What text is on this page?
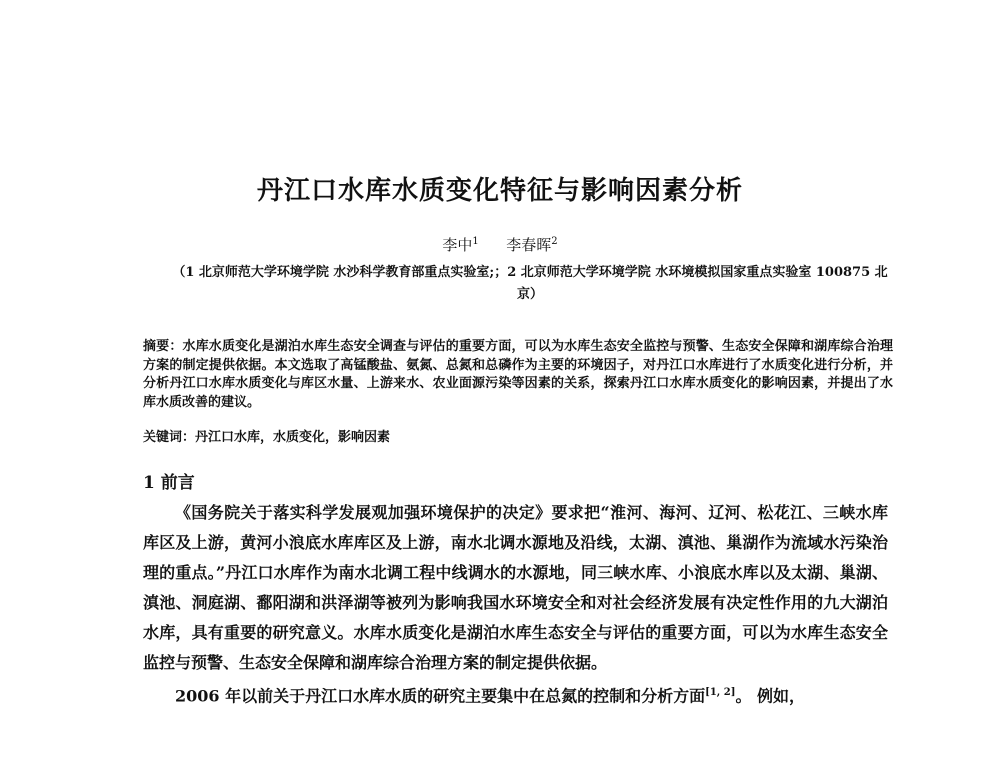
丹江口水库水质变化特征与影响因素分析
李中$^1$ 李春晖$^2$
（1 北京师范大学环境学院 水沙科学教育部重点实验室;；2 北京师范大学环境学院 水环境模拟国家重点实验室 100875 北京）
摘要：水库水质变化是湖泊水库生态安全调查与评估的重要方面，可以为水库生态安全监控与预警、生态安全保障和湖库综合治理方案的制定提供依据。本文选取了高锰酸盐、氨氮、总氮和总磷作为主要的环境因子，对丹江口水库进行了水质变化进行分析，并分析丹江口水库水质变化与库区水量、上游来水、农业面源污染等因素的关系，探索丹江口水库水质变化的影响因素，并提出了水库水质改善的建议。
关键词：丹江口水库，水质变化，影响因素
1 前言

《国务院关于落实科学发展观加强环境保护的决定》要求把“淮河、海河、辽河、松花江、三峡水库库区及上游，黄河小浪底水库库区及上游，南水北调水源地及沿线，太湖、滇池、巢湖作为流域水污染治理的重点。”丹江口水库作为南水北调工程中线调水的水源地，同三峡水库、小浪底水库以及太湖、巢湖、滇池、洞庭湖、鄱阳湖和洪泽湖等被列为影响我国水环境安全和对社会经济发展有决定性作用的九大湖泊水库，具有重要的研究意义。水库水质变化是湖泊水库生态安全与评估的重要方面，可以为水库生态安全监控与预警、生态安全保障和湖库综合治理方案的制定提供依据。

2006 年以前关于丹江口水库水质的研究主要集中在总氮的控制和分析方面[1, 2]。 例如，
